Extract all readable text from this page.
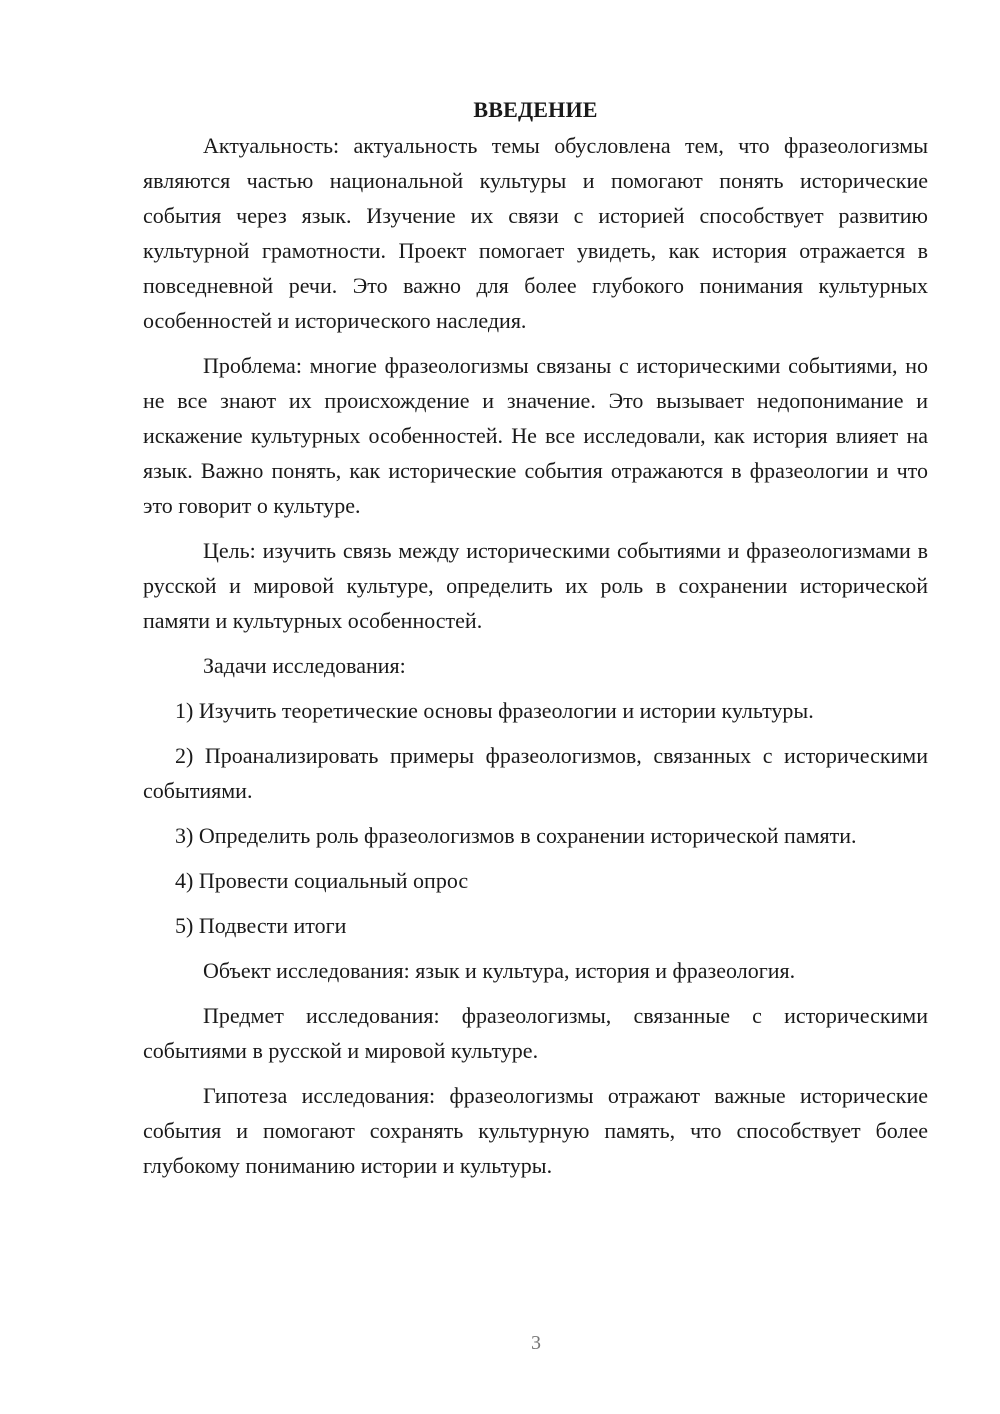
ВВЕДЕНИЕ

Актуальность: актуальность темы обусловлена тем, что фразеологизмы являются частью национальной культуры и помогают понять исторические события через язык. Изучение их связи с историей способствует развитию культурной грамотности. Проект помогает увидеть, как история отражается в повседневной речи. Это важно для более глубокого понимания культурных особенностей и исторического наследия.

Проблема: многие фразеологизмы связаны с историческими событиями, но не все знают их происхождение и значение. Это вызывает недопонимание и искажение культурных особенностей. Не все исследовали, как история влияет на язык. Важно понять, как исторические события отражаются в фразеологии и что это говорит о культуре.

Цель: изучить связь между историческими событиями и фразеологизмами в русской и мировой культуре, определить их роль в сохранении исторической памяти и культурных особенностей.

Задачи исследования:

1) Изучить теоретические основы фразеологии и истории культуры.

2) Проанализировать примеры фразеологизмов, связанных с историческими событиями.

3) Определить роль фразеологизмов в сохранении исторической памяти.

4) Провести социальный опрос

5) Подвести итоги

Объект исследования: язык и культура, история и фразеология.

Предмет исследования: фразеологизмы, связанные с историческими событиями в русской и мировой культуре.

Гипотеза исследования: фразеологизмы отражают важные исторические события и помогают сохранять культурную память, что способствует более глубокому пониманию истории и культуры.

3
